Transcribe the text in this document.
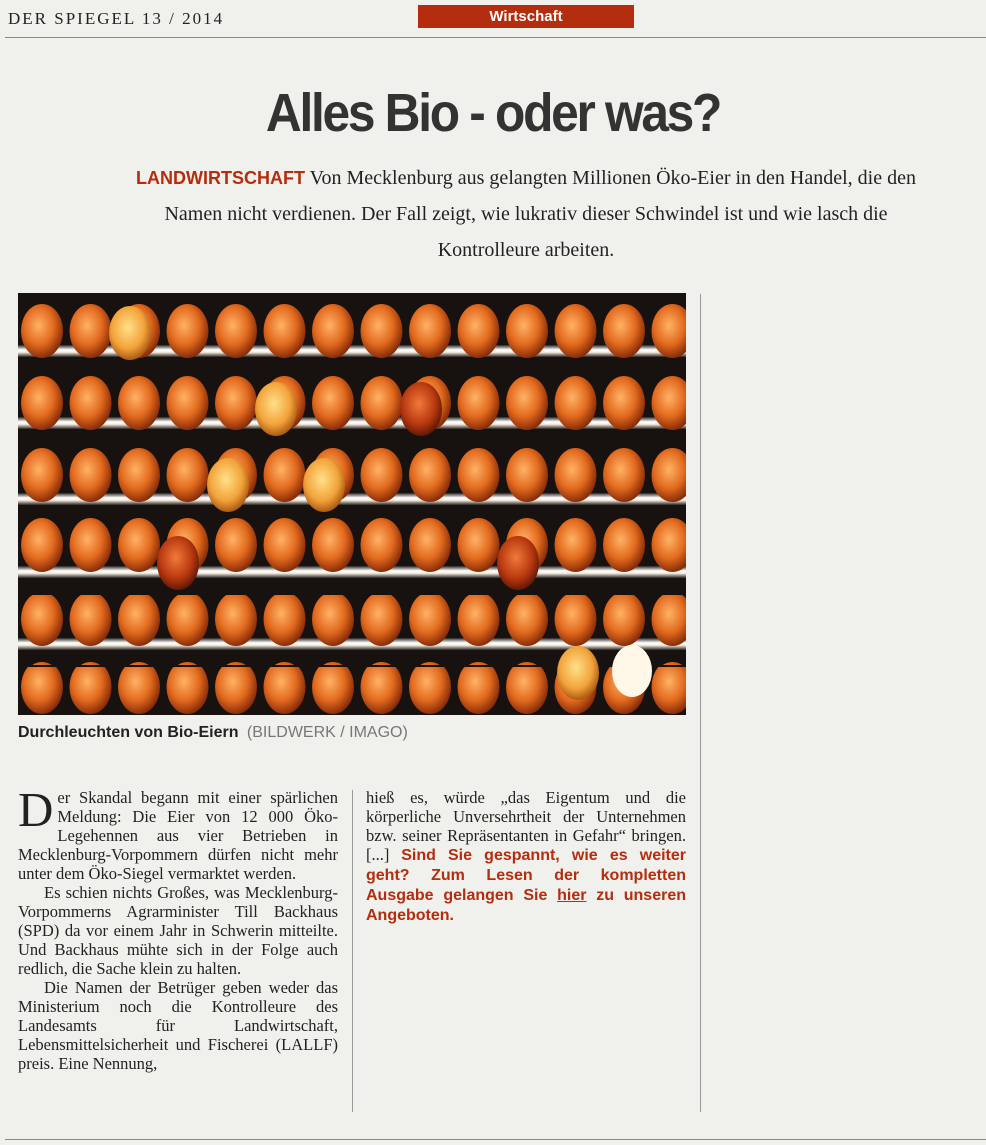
DER SPIEGEL 13 / 2014	Wirtschaft
Alles Bio - oder was?
LANDWIRTSCHAFT Von Mecklenburg aus gelangten Millionen Öko-Eier in den Handel, die den Namen nicht verdienen. Der Fall zeigt, wie lukrativ dieser Schwindel ist und wie lasch die Kontrolleure arbeiten.
Durchleuchten von Bio-Eiern (BILDWERK / IMAGO)

Der Skandal begann mit einer spärlichen Meldung: Die Eier von 12 000 Öko-Legehennen aus vier Betrieben in Mecklenburg-Vorpommern dürfen nicht mehr unter dem Öko-Siegel vermarktet werden.

Es schien nichts Großes, was Mecklenburg-Vorpommerns Agrarminister Till Backhaus (SPD) da vor einem Jahr in Schwerin mitteilte. Und Backhaus mühte sich in der Folge auch redlich, die Sache klein zu halten.

Die Namen der Betrüger geben weder das Ministerium noch die Kontrolleure des Landesamts für Landwirtschaft, Lebensmittelsicherheit und Fischerei (LALLF) preis. Eine Nennung,

hieß es, würde „das Eigentum und die körperliche Unversehrtheit der Unternehmen bzw. seiner Repräsentanten in Gefahr“ bringen. [...] Sind Sie gespannt, wie es weiter geht? Zum Lesen der kompletten Ausgabe gelangen Sie hier zu unseren Angeboten.
